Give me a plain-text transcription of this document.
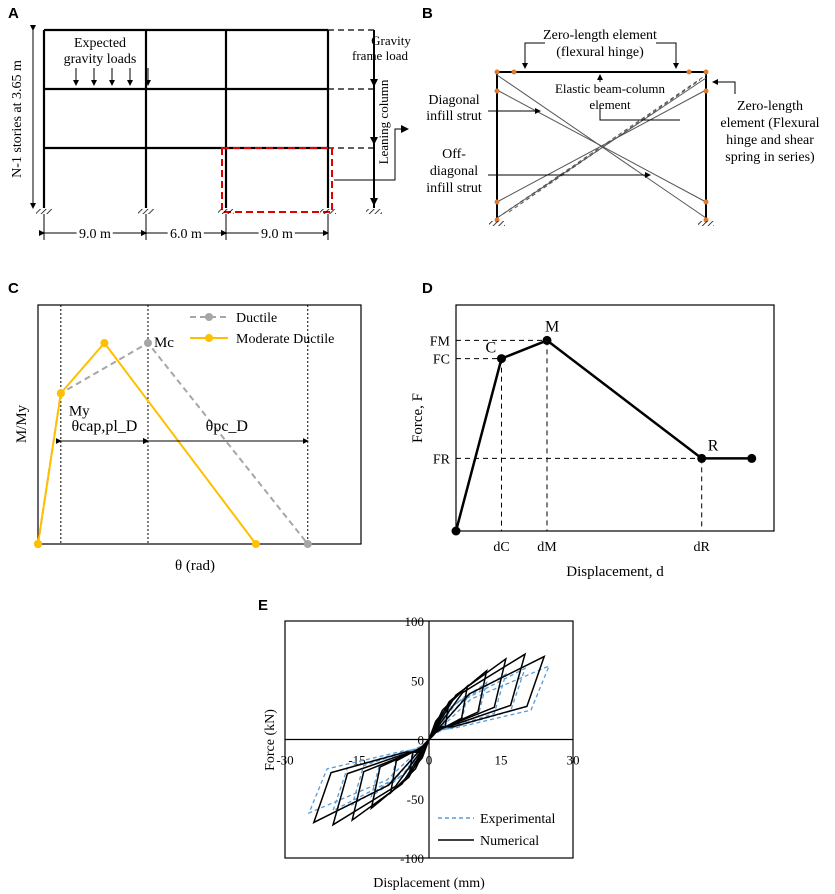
A
N-1 stories at 3.65 m
Expected
gravity loads
Gravity
frame load
Leaning column
9.0 m	6.0 m	9.0 m
B
Zero-length element
(flexural hinge)
Elastic beam-column
element
Diagonal
infill strut
Off-
diagonal
infill strut
Zero-length
element (Flexural
hinge and shear
spring in series)
C
θ (rad)
M/My	My
Mc
θcap,pl_D	θpc_D
Ductile
Moderate Ductile
D
Displacement, d
Force, F
C
M
R
FM
FC
FR
dC dM	dR
E
Displacement (mm)
Force (kN)
-30	-15	0	15	30
100
50
0
-50
-100
Experimental
Numerical
